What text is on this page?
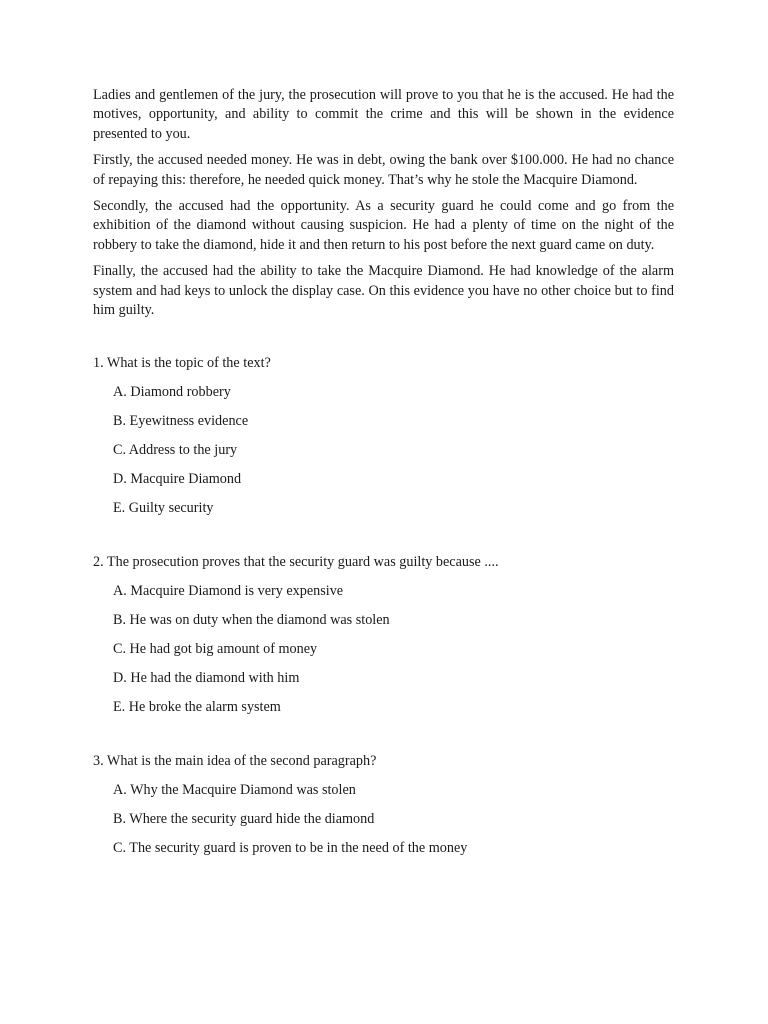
Ladies and gentlemen of the jury, the prosecution will prove to you that he is the accused. He had the motives, opportunity, and ability to commit the crime and this will be shown in the evidence presented to you.

Firstly, the accused needed money. He was in debt, owing the bank over $100.000. He had no chance of repaying this: therefore, he needed quick money. That’s why he stole the Macquire Diamond.

Secondly, the accused had the opportunity. As a security guard he could come and go from the exhibition of the diamond without causing suspicion. He had a plenty of time on the night of the robbery to take the diamond, hide it and then return to his post before the next guard came on duty.

Finally, the accused had the ability to take the Macquire Diamond. He had knowledge of the alarm system and had keys to unlock the display case. On this evidence you have no other choice but to find him guilty.

1. What is the topic of the text?

A. Diamond robbery
B. Eyewitness evidence
C. Address to the jury
D. Macquire Diamond
E. Guilty security

2. The prosecution proves that the security guard was guilty because ....

A. Macquire Diamond is very expensive
B. He was on duty when the diamond was stolen
C. He had got big amount of money
D. He had the diamond with him
E. He broke the alarm system

3. What is the main idea of the second paragraph?

A. Why the Macquire Diamond was stolen
B. Where the security guard hide the diamond
C. The security guard is proven to be in the need of the money
